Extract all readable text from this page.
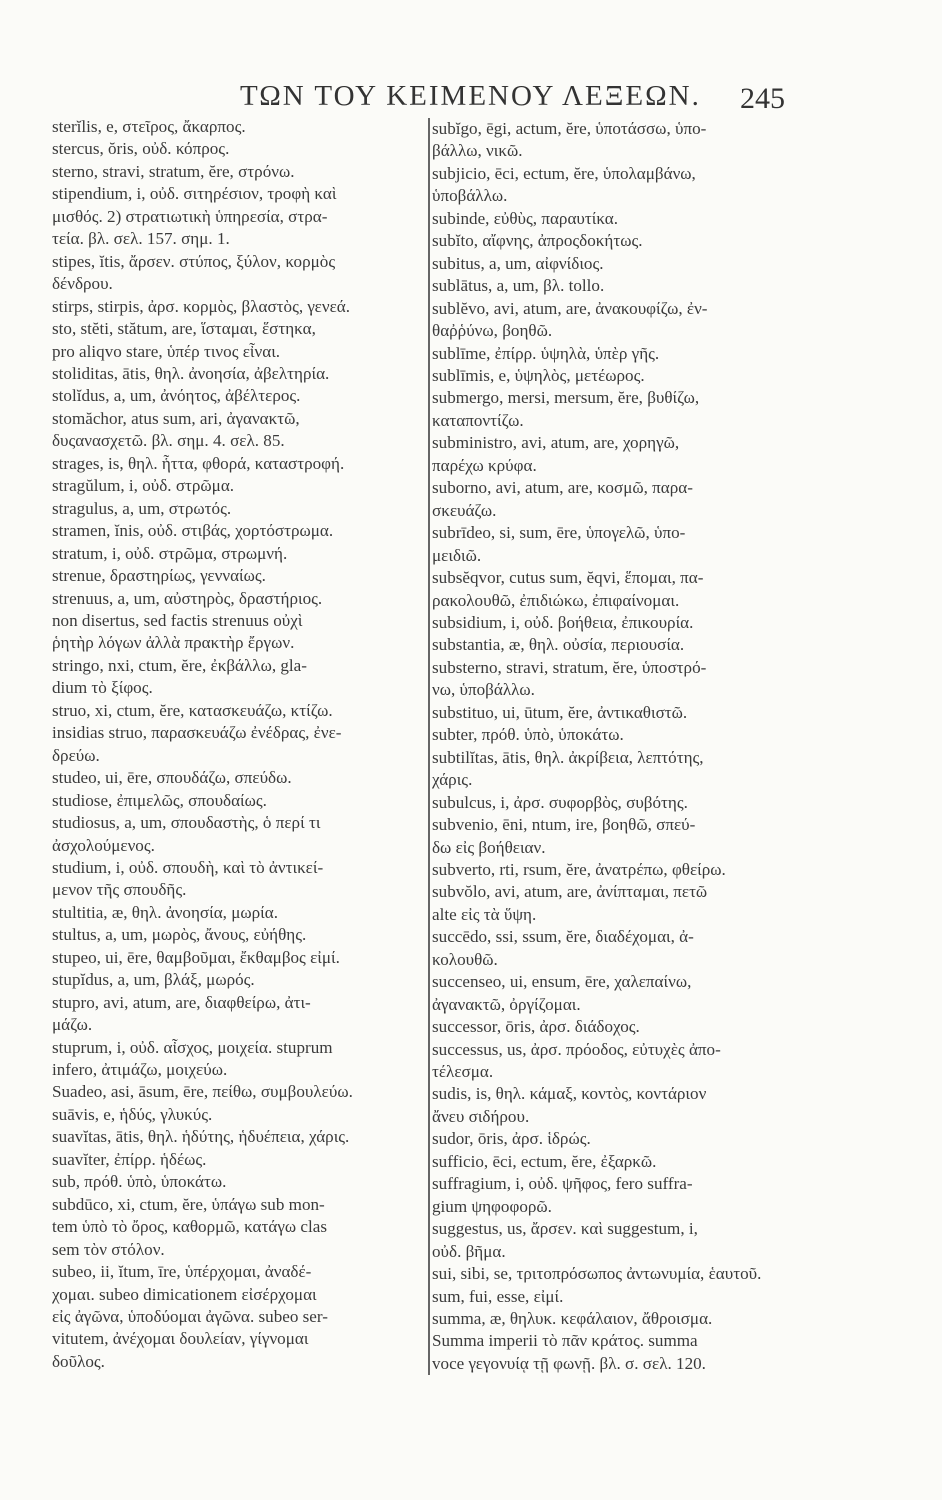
ΤΩΝ ΤΟΥ ΚΕΙΜΕΝΟΥ ΛΕΞΕΩΝ. 245
sterĭlis, e, στεῖρος, ἄκαρπος.
stercus, ŏris, οὐδ. κόπρος.
sterno, stravi, stratum, ĕre, στρόνω.
stipendium, i, οὐδ. σιτηρέσιον, τροφὴ καὶ
μισθός. 2) στρατιωτικὴ ὑπηρεσία, στρα-
τεία. βλ. σελ. 157. σημ. 1.
stipes, ĭtis, ἄρσεν. στύπος, ξύλον, κορμὸς
δένδρου.
stirps, stirpis, ἀρσ. κορμὸς, βλαστὸς, γενεά.
sto, stĕti, stătum, are, ἵσταμαι, ἕστηκα,
pro aliqvo stare, ὑπέρ τινος εἶναι.
stoliditas, ātis, θηλ. ἀνοησία, ἀβελτηρία.
stolĭdus, a, um, ἀνόητος, ἀβέλτερος.
stomăchor, atus sum, ari, ἀγανακτῶ,
δυςανασχετῶ. βλ. σημ. 4. σελ. 85.
strages, is, θηλ. ἧττα, φθορά, καταστροφή.
stragŭlum, i, οὐδ. στρῶμα.
stragulus, a, um, στρωτός.
stramen, ĭnis, οὐδ. στιβάς, χορτόστρωμα.
stratum, i, οὐδ. στρῶμα, στρωμνή.
strenue, δραστηρίως, γενναίως.
strenuus, a, um, αὐστηρὸς, δραστήριος.
non disertus, sed factis strenuus οὐχὶ
ῥητὴρ λόγων ἀλλὰ πρακτὴρ ἔργων.
stringo, nxi, ctum, ĕre, ἐκβάλλω, gla-
dium τὸ ξίφος.
struo, xi, ctum, ĕre, κατασκευάζω, κτίζω.
insidias struo, παρασκευάζω ἐνέδρας, ἐνε-
δρεύω.
studeo, ui, ēre, σπουδάζω, σπεύδω.
studiose, ἐπιμελῶς, σπουδαίως.
studiosus, a, um, σπουδαστὴς, ὁ περί τι
ἀσχολούμενος.
studium, i, οὐδ. σπουδὴ, καὶ τὸ ἀντικεί-
μενον τῆς σπουδῆς.
stultitia, æ, θηλ. ἀνοησία, μωρία.
stultus, a, um, μωρὸς, ἄνους, εὐήθης.
stupeo, ui, ēre, θαμβοῦμαι, ἔκθαμβος εἰμί.
stupĭdus, a, um, βλάξ, μωρός.
stupro, avi, atum, are, διαφθείρω, ἀτι-
μάζω.
stuprum, i, οὐδ. αἶσχος, μοιχεία. stuprum
infero, ἀτιμάζω, μοιχεύω.
Suadeo, asi, āsum, ēre, πείθω, συμβουλεύω.
suāvis, e, ἡδύς, γλυκύς.
suavĭtas, ātis, θηλ. ἡδύτης, ἡδυέπεια, χάρις.
suavĭter, ἐπίρρ. ἡδέως.
sub, πρόθ. ὑπὸ, ὑποκάτω.
subdūco, xi, ctum, ĕre, ὑπάγω sub mon-
tem ὑπὸ τὸ ὄρος, καθορμῶ, κατάγω clas
sem τὸν στόλον.
subeo, ii, ĭtum, īre, ὑπέρχομαι, ἀναδέ-
χομαι. subeo dimicationem εἰσέρχομαι
εἰς ἀγῶνα, ὑποδύομαι ἀγῶνα. subeo ser-
vitutem, ἀνέχομαι δουλείαν, γίγνομαι
δοῦλος.
subĭgo, ēgi, actum, ĕre, ὑποτάσσω, ὑπο-
βάλλω, νικῶ.
subjicio, ēci, ectum, ĕre, ὑπολαμβάνω,
ὑποβάλλω.
subinde, εὐθὺς, παραυτίκα.
subĭto, αἴφνης, ἀπροςδοκήτως.
subitus, a, um, αἰφνίδιος.
sublātus, a, um, βλ. tollo.
sublĕvo, avi, atum, are, ἀνακουφίζω, ἐν-
θαῤῥύνω, βοηθῶ.
sublīme, ἐπίρρ. ὑψηλὰ, ὑπὲρ γῆς.
sublīmis, e, ὑψηλὸς, μετέωρος.
submergo, mersi, mersum, ĕre, βυθίζω,
καταποντίζω.
subministro, avi, atum, are, χορηγῶ,
παρέχω κρύφα.
suborno, avi, atum, are, κοσμῶ, παρα-
σκευάζω.
subrīdeo, si, sum, ēre, ὑπογελῶ, ὑπο-
μειδιῶ.
subsĕqvor, cutus sum, ĕqvi, ἕπομαι, πα-
ρακολουθῶ, ἐπιδιώκω, ἐπιφαίνομαι.
subsidium, i, οὐδ. βοήθεια, ἐπικουρία.
substantia, æ, θηλ. οὐσία, περιουσία.
substerno, stravi, stratum, ĕre, ὑποστρό-
νω, ὑποβάλλω.
substituo, ui, ūtum, ĕre, ἀντικαθιστῶ.
subter, πρόθ. ὑπὸ, ὑποκάτω.
subtilĭtas, ātis, θηλ. ἀκρίβεια, λεπτότης,
χάρις.
subulcus, i, ἀρσ. συφορβὸς, συβότης.
subvenio, ēni, ntum, ire, βοηθῶ, σπεύ-
δω εἰς βοήθειαν.
subverto, rti, rsum, ĕre, ἀνατρέπω, φθείρω.
subvŏlo, avi, atum, are, ἀνίπταμαι, πετῶ
alte εἰς τὰ ὕψη.
succēdo, ssi, ssum, ĕre, διαδέχομαι, ἀ-
κολουθῶ.
succenseo, ui, ensum, ēre, χαλεπαίνω,
ἀγανακτῶ, ὀργίζομαι.
successor, ōris, ἀρσ. διάδοχος.
successus, us, ἀρσ. πρόοδος, εὐτυχὲς ἀπο-
τέλεσμα.
sudis, is, θηλ. κάμαξ, κοντὸς, κοντάριον
ἄνευ σιδήρου.
sudor, ōris, ἀρσ. ἱδρώς.
sufficio, ēci, ectum, ĕre, ἐξαρκῶ.
suffragium, i, οὐδ. ψῆφος, fero suffra-
gium ψηφοφορῶ.
suggestus, us, ἄρσεν. καὶ suggestum, i,
οὐδ. βῆμα.
sui, sibi, se, τριτοπρόσωπος ἀντωνυμία, ἑαυτοῦ.
sum, fui, esse, εἰμί.
summa, æ, θηλυκ. κεφάλαιον, ἄθροισμα.
Summa imperii τὸ πᾶν κράτος. summa
voce γεγονυίᾳ τῇ φωνῇ. βλ. σ. σελ. 120.
